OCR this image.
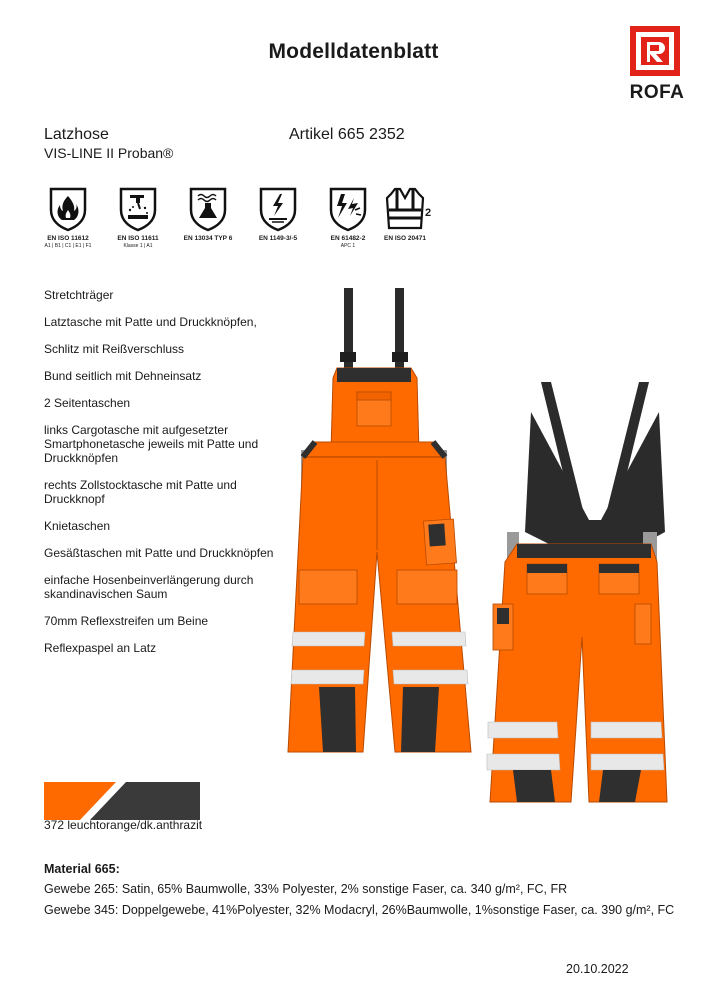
Modelldatenblatt
ROFA
Latzhose	Artikel 665 2352
VIS-LINE II Proban®
EN ISO 11612
A1 | B1 | C1 | E1 | F1
EN ISO 11611
Klasse 1 | A1
EN 13034 TYP 6	EN 1149-3/-5	EN 61482-2
APC 1
EN ISO 20471
2
Stretchträger
Latztasche mit Patte und Druckknöpfen,
Schlitz mit Reißverschluss
Bund seitlich mit Dehneinsatz
2 Seitentaschen
links Cargotasche mit aufgesetzter Smartphonetasche jeweils mit Patte und Druckknöpfen
rechts Zollstocktasche mit Patte und Druckknopf
Knietaschen
Gesäßtaschen mit Patte und Druckknöpfen
einfache Hosenbeinverlängerung durch skandinavischen Saum
70mm Reflexstreifen um Beine
Reflexpaspel an Latz
372 leuchtorange/dk.anthrazit
Material 665:
Gewebe 265: Satin, 65% Baumwolle, 33% Polyester, 2% sonstige Faser, ca. 340 g/m², FC, FR
Gewebe 345: Doppelgewebe, 41%Polyester, 32% Modacryl, 26%Baumwolle, 1%sonstige Faser, ca. 390 g/m², FC
20.10.2022
